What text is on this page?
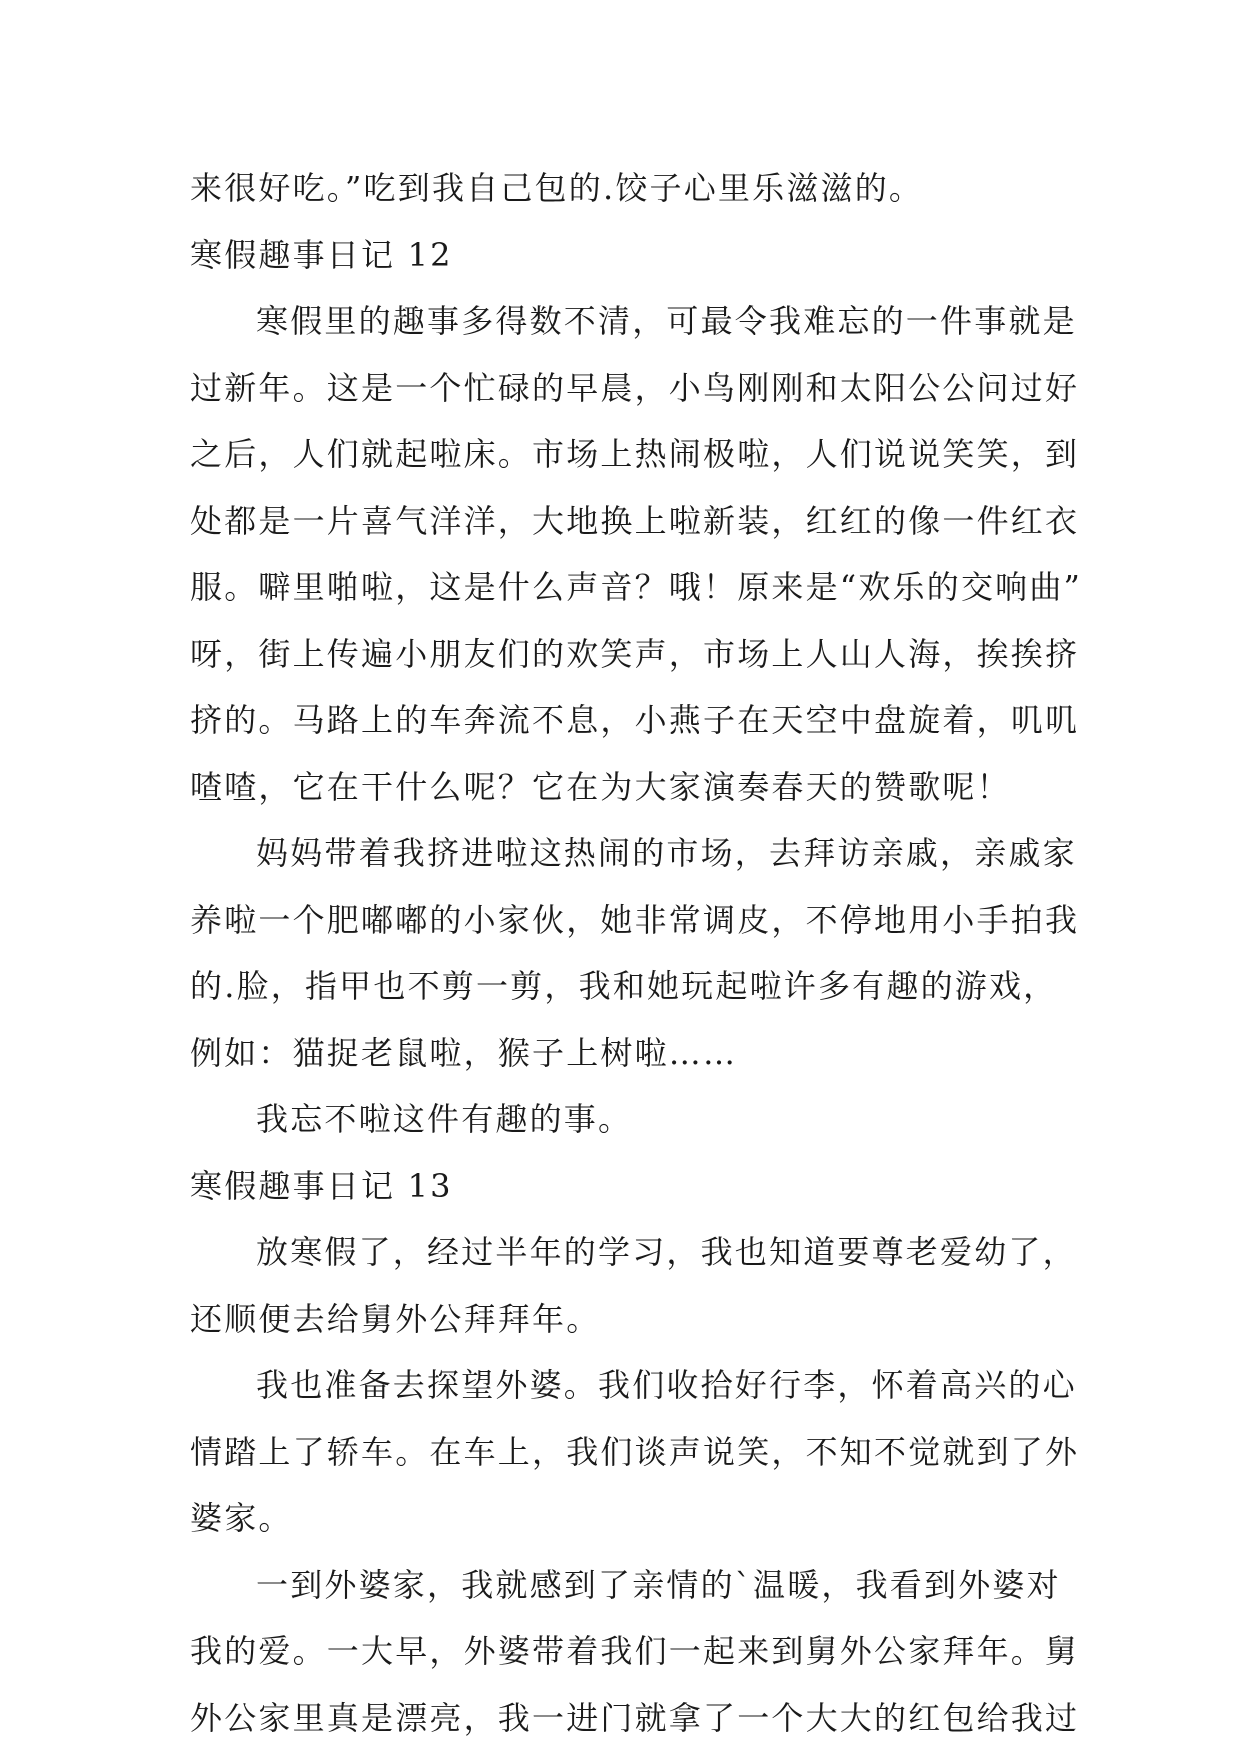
来很好吃。”吃到我自己包的.饺子心里乐滋滋的。
寒假趣事日记 12
寒假里的趣事多得数不清，可最令我难忘的一件事就是
过新年。这是一个忙碌的早晨，小鸟刚刚和太阳公公问过好
之后，人们就起啦床。市场上热闹极啦，人们说说笑笑，到
处都是一片喜气洋洋，大地换上啦新装，红红的像一件红衣
服。噼里啪啦，这是什么声音？哦！原来是“欢乐的交响曲”
呀，街上传遍小朋友们的欢笑声，市场上人山人海，挨挨挤
挤的。马路上的车奔流不息，小燕子在天空中盘旋着，叽叽
喳喳，它在干什么呢？它在为大家演奏春天的赞歌呢！
妈妈带着我挤进啦这热闹的市场，去拜访亲戚，亲戚家
养啦一个肥嘟嘟的小家伙，她非常调皮，不停地用小手拍我
的.脸，指甲也不剪一剪，我和她玩起啦许多有趣的游戏，
例如：猫捉老鼠啦，猴子上树啦……
我忘不啦这件有趣的事。
寒假趣事日记 13
放寒假了，经过半年的学习，我也知道要尊老爱幼了，
还顺便去给舅外公拜拜年。
我也准备去探望外婆。我们收拾好行李，怀着高兴的心
情踏上了轿车。在车上，我们谈声说笑，不知不觉就到了外
婆家。
一到外婆家，我就感到了亲情的`温暖，我看到外婆对
我的爱。一大早，外婆带着我们一起来到舅外公家拜年。舅
外公家里真是漂亮，我一进门就拿了一个大大的红包给我过
